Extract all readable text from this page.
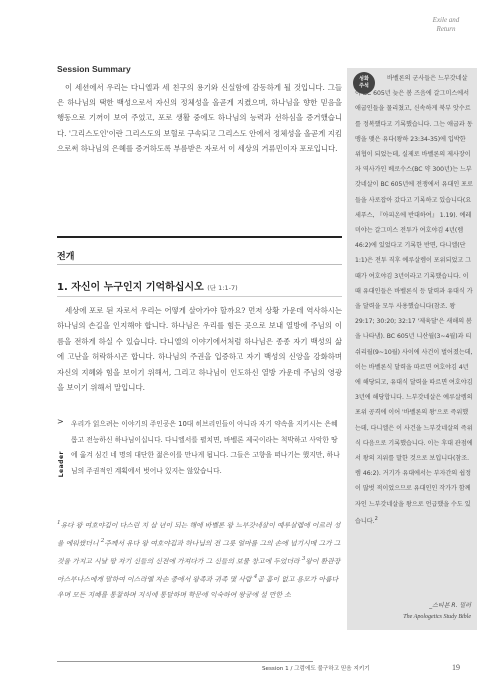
Exile and
Return
Session Summary

이 세션에서 우리는 다니엘과 세 친구의 용기와 신실함에 감동하게 될 것입니다. 그들은 하나님의 택한 백성으로서 자신의 정체성을 올곧게 지켰으며, 하나님을 향한 믿음을 행동으로 기꺼이 보여 주었고, 포로 생활 중에도 하나님의 능력과 선하심을 증거했습니다. '그리스도인'이란 그리스도의 보혈로 구속되고 그리스도 안에서 정체성을 올곧게 지킴으로써 하나님의 은혜를 증거하도록 부름받은 자로서 이 세상의 거류민이자 포로입니다.

전개
1. 자신이 누구인지 기억하십시오 (단 1:1-7)

세상에 포로 된 자로서 우리는 어떻게 살아가야 할까요? 먼저 상황 가운데 역사하시는 하나님의 손길을 인지해야 합니다. 하나님은 우리를 힘든 곳으로 보내 열방에 주님의 이름을 전하게 하실 수 있습니다. 다니엘의 이야기에서처럼 하나님은 종종 자기 백성의 삶에 고난을 허락하시곤 합니다. 하나님의 주권을 입증하고 자기 백성의 신앙을 강화하며 자신의 지혜와 힘을 보이기 위해서, 그리고 하나님이 인도하신 열방 가운데 주님의 영광을 보이기 위해서 말입니다.

>
Leader

우리가 읽으려는 이야기의 주인공은 10대 히브리인들이 아니라 자기 약속을 지키시는 은혜롭고 전능하신 하나님이십니다. 다니엘서를 펼치면, 바벨론 제국이라는 척박하고 사악한 땅에 옮겨 심긴 네 명의 대단한 젊은이를 만나게 됩니다. 그들은 고향을 떠나기는 했지만, 하나님의 주권적인 계획에서 벗어나 있지는 않았습니다.

$^1$유다 왕 여호야김이 다스린 지 삼 년이 되는 해에 바벨론 왕 느부갓네살이 예루살렘에 이르러 성을 에워쌌더니 $^2$주께서 유다 왕 여호야김과 하나님의 전 그릇 얼마를 그의 손에 넘기시매 그가 그것을 가지고 시날 땅 자기 신들의 신전에 가져다가 그 신들의 보물 창고에 두었더라 $^3$왕이 환관장 아스부나스에게 말하여 이스라엘 자손 중에서 왕족과 귀족 몇 사람 $^4$곧 흠이 없고 용모가 아름다우며 모든 지혜를 통찰하며 지식에 통달하며 학문에 익숙하여 왕궁에 설 만한 소

성화
주석

바벨론의 군사들은 느부갓네살이 BC 605년 늦은 봄 즈음에 갈그미스에서 애굽인들을 물리쳤고, 신속하게 북부 앗수르를 정복했다고 기록했습니다. 그는 애굽과 동맹을 맺은 유다(왕하 23:34-35)에 입박한 위협이 되었는데, 실제로 바벨론의 제사장이자 역사가인 베로수스(BC 약 300년)는 느부갓네살이 BC 605년에 전쟁에서 유대인 포로들을 사로잡아 갔다고 기록하고 있습니다(요세푸스, 『아피온에 반대하여』 1.19). 예레미야는 갈그미스 전투가 여호야김 4년(렘 46:2)에 있었다고 기록한 반면, 다니엘(단 1:1)은 전투 직후 예루살렘이 포위되었고 그때가 여호야김 3년이라고 기록했습니다. 이때 유대인들은 바벨론식 등 달력과 유대식 가을 달력을 모두 사용했습니다(참조. 왕 29:17; 30:20; 32:17 '제육달'은 새해의 봄을 나타냄). BC 605년 니산월(3~4월)과 티쉬리월(9~10월) 사이에 사건이 벌어졌는데, 이는 바벨론식 달력을 따르면 여호야김 4년에 해당되고, 유대식 달력을 따르면 여호야김 3년에 해당합니다. 느부갓네살은 예루살렘의 포위 공격에 이어 '바벨론의 왕'으로 즉위했는데, 다니엘은 이 사건을 느부갓네살의 즉위식 다음으로 기록했습니다. 이는 후대 관점에서 왕의 지위를 말한 것으로 보입니다(참조. 렘 46:2). 거기가 유대에서는 부자간의 쉽정이 많벗 적이었으므로 유대인인 작가가 함께 자인 느부갓네살을 왕으로 언급했을 수도 있습니다.$^2$

_스티븐 R. 밀러
The Apologetics Study Bible
Session 1 / 그럼에도 불구하고 믿음 지키기	19
